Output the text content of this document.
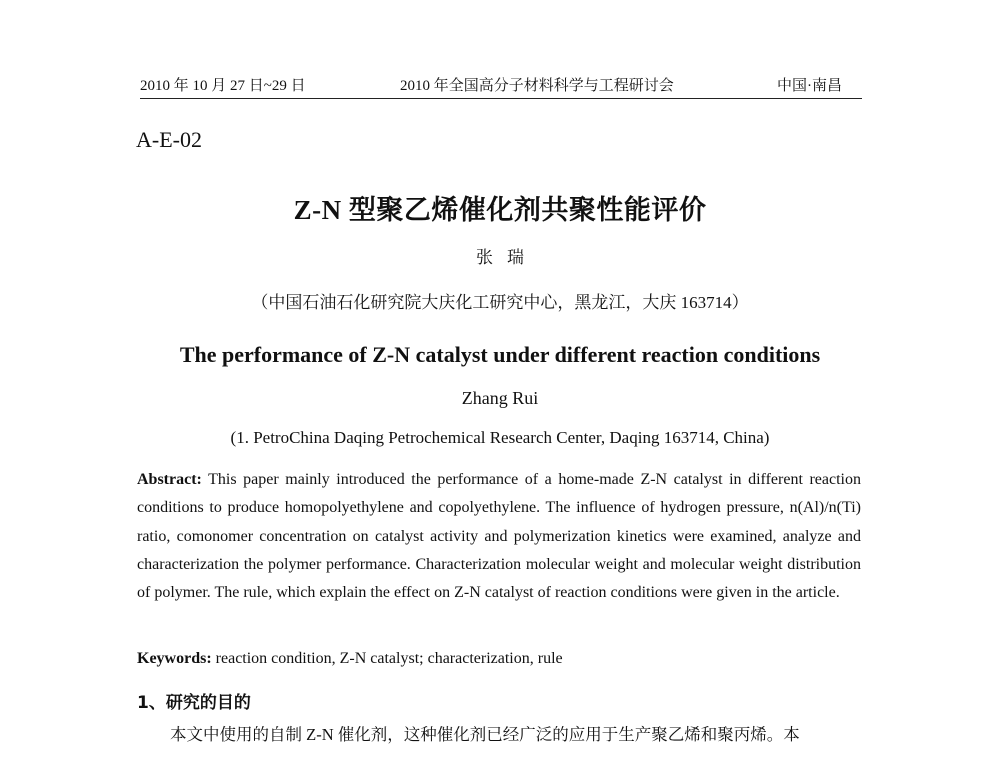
2010 年 10 月 27 日~29 日	2010 年全国高分子材料科学与工程研讨会	中国·南昌
A-E-02
Z-N 型聚乙烯催化剂共聚性能评价
张瑞
（中国石油石化研究院大庆化工研究中心，黑龙江，大庆 163714）
The performance of Z-N catalyst under different reaction conditions
Zhang Rui
(1. PetroChina Daqing Petrochemical Research Center, Daqing 163714, China)

Abstract: This paper mainly introduced the performance of a home-made Z-N catalyst in different reaction conditions to produce homopolyethylene and copolyethylene. The influence of hydrogen pressure, n(Al)/n(Ti) ratio, comonomer concentration on catalyst activity and polymerization kinetics were examined, analyze and characterization the polymer performance. Characterization molecular weight and molecular weight distribution of polymer. The rule, which explain the effect on Z-N catalyst of reaction conditions were given in the article.

Keywords: reaction condition, Z-N catalyst; characterization, rule

1、研究的目的

本文中使用的自制 Z-N 催化剂，这种催化剂已经广泛的应用于生产聚乙烯和聚丙烯。本
